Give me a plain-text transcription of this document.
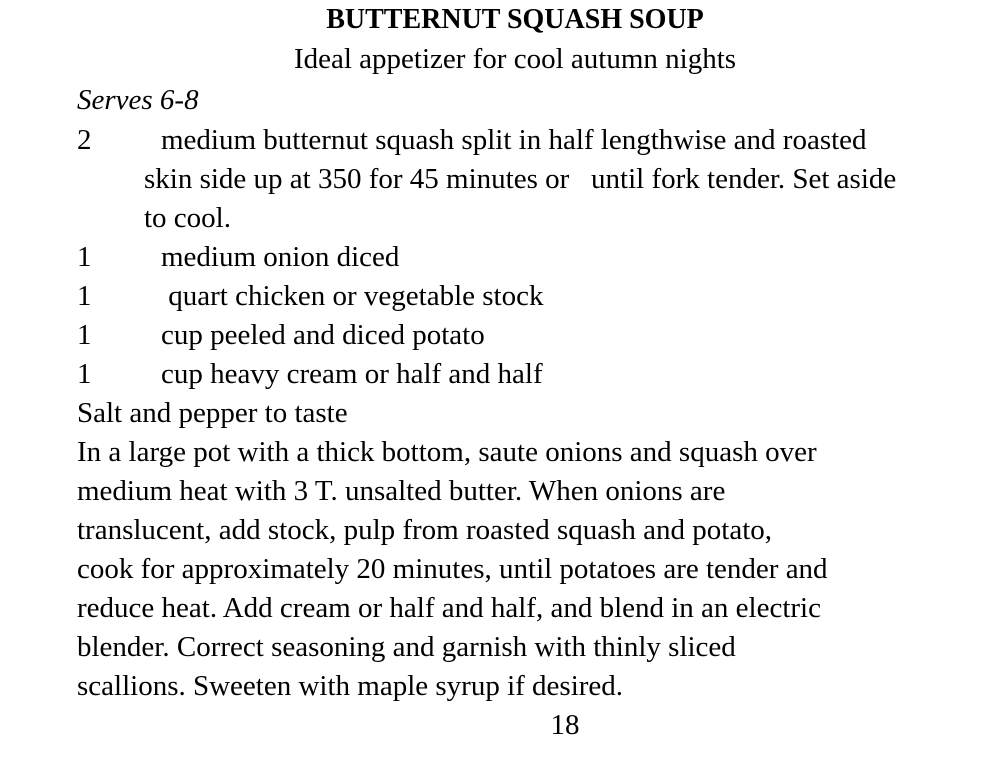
BUTTERNUT SQUASH SOUP
Ideal appetizer for cool autumn nights
Serves 6-8
2	medium butternut squash split in half lengthwise and roasted skin side up at 350 for 45 minutes or   until fork tender. Set aside to cool.
1	medium onion diced
1	quart chicken or vegetable stock
1	cup peeled and diced potato
1	cup heavy cream or half and half
Salt and pepper to taste
In a large pot with a thick bottom, saute onions and squash over
medium heat with 3 T. unsalted butter. When onions are
translucent, add stock, pulp from roasted squash and potato,
cook for approximately 20 minutes, until potatoes are tender and
reduce heat. Add cream or half and half, and blend in an electric
blender. Correct seasoning and garnish with thinly sliced
scallions. Sweeten with maple syrup if desired.
18
